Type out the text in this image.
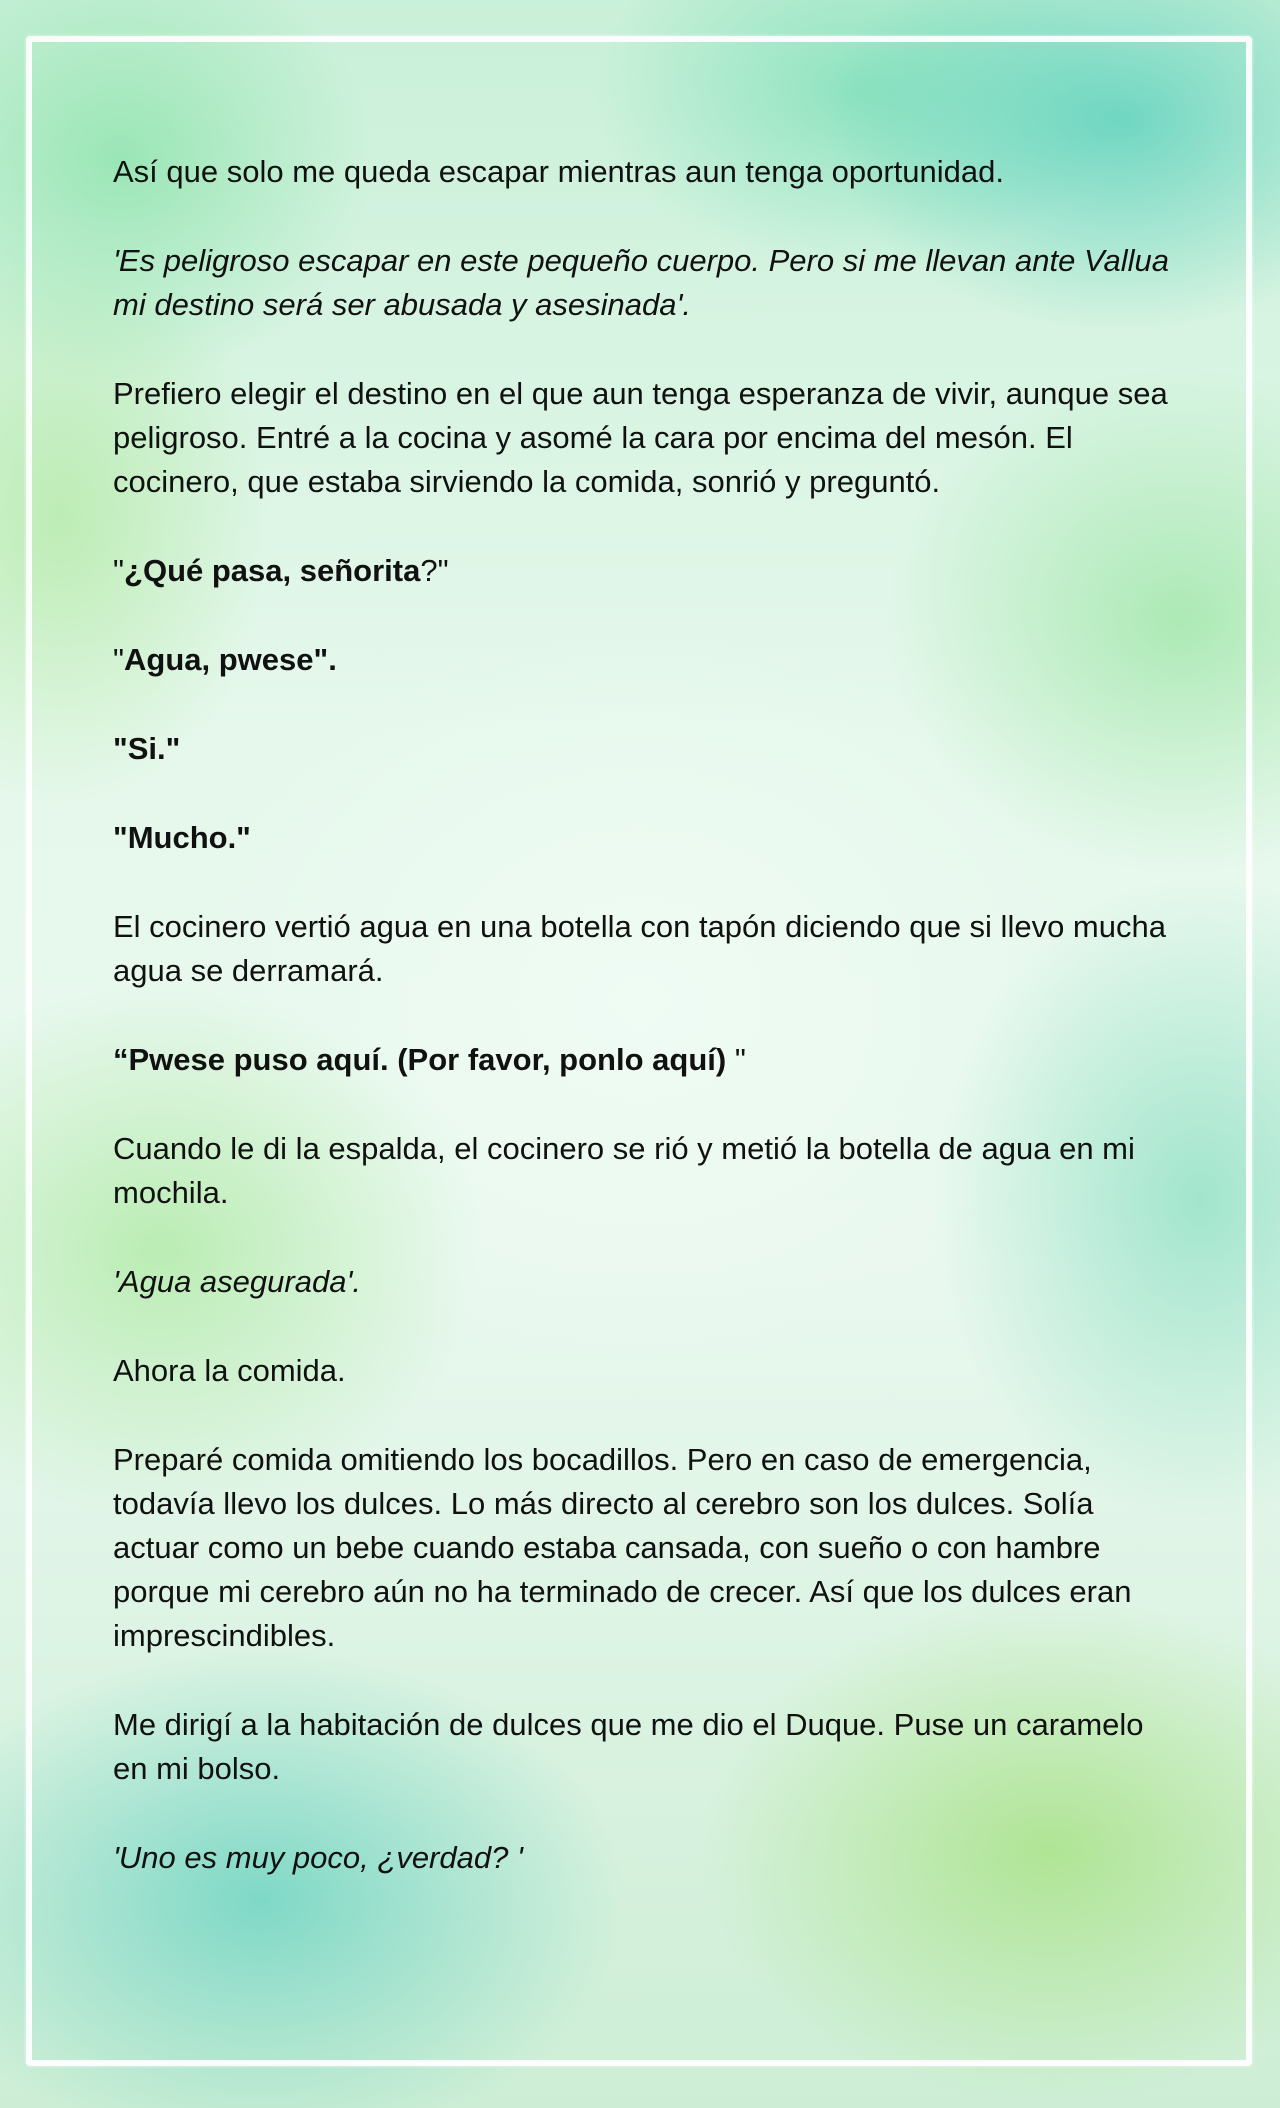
Así que solo me queda escapar mientras aun tenga oportunidad.

'Es peligroso escapar en este pequeño cuerpo. Pero si me llevan ante Vallua mi destino será ser abusada y asesinada'.

Prefiero elegir el destino en el que aun tenga esperanza de vivir, aunque sea peligroso. Entré a la cocina y asomé la cara por encima del mesón. El cocinero, que estaba sirviendo la comida, sonrió y preguntó.

"¿Qué pasa, señorita?"

"Agua, pwese".

"Si."

"Mucho."

El cocinero vertió agua en una botella con tapón diciendo que si llevo mucha agua se derramará.

“Pwese puso aquí. (Por favor, ponlo aquí) "

Cuando le di la espalda, el cocinero se rió y metió la botella de agua en mi mochila.

'Agua asegurada'.

Ahora la comida.

Preparé comida omitiendo los bocadillos. Pero en caso de emergencia, todavía llevo los dulces. Lo más directo al cerebro son los dulces. Solía actuar como un bebe cuando estaba cansada, con sueño o con hambre porque mi cerebro aún no ha terminado de crecer. Así que los dulces eran imprescindibles.

Me dirigí a la habitación de dulces que me dio el Duque. Puse un caramelo en mi bolso.

'Uno es muy poco, ¿verdad? '
